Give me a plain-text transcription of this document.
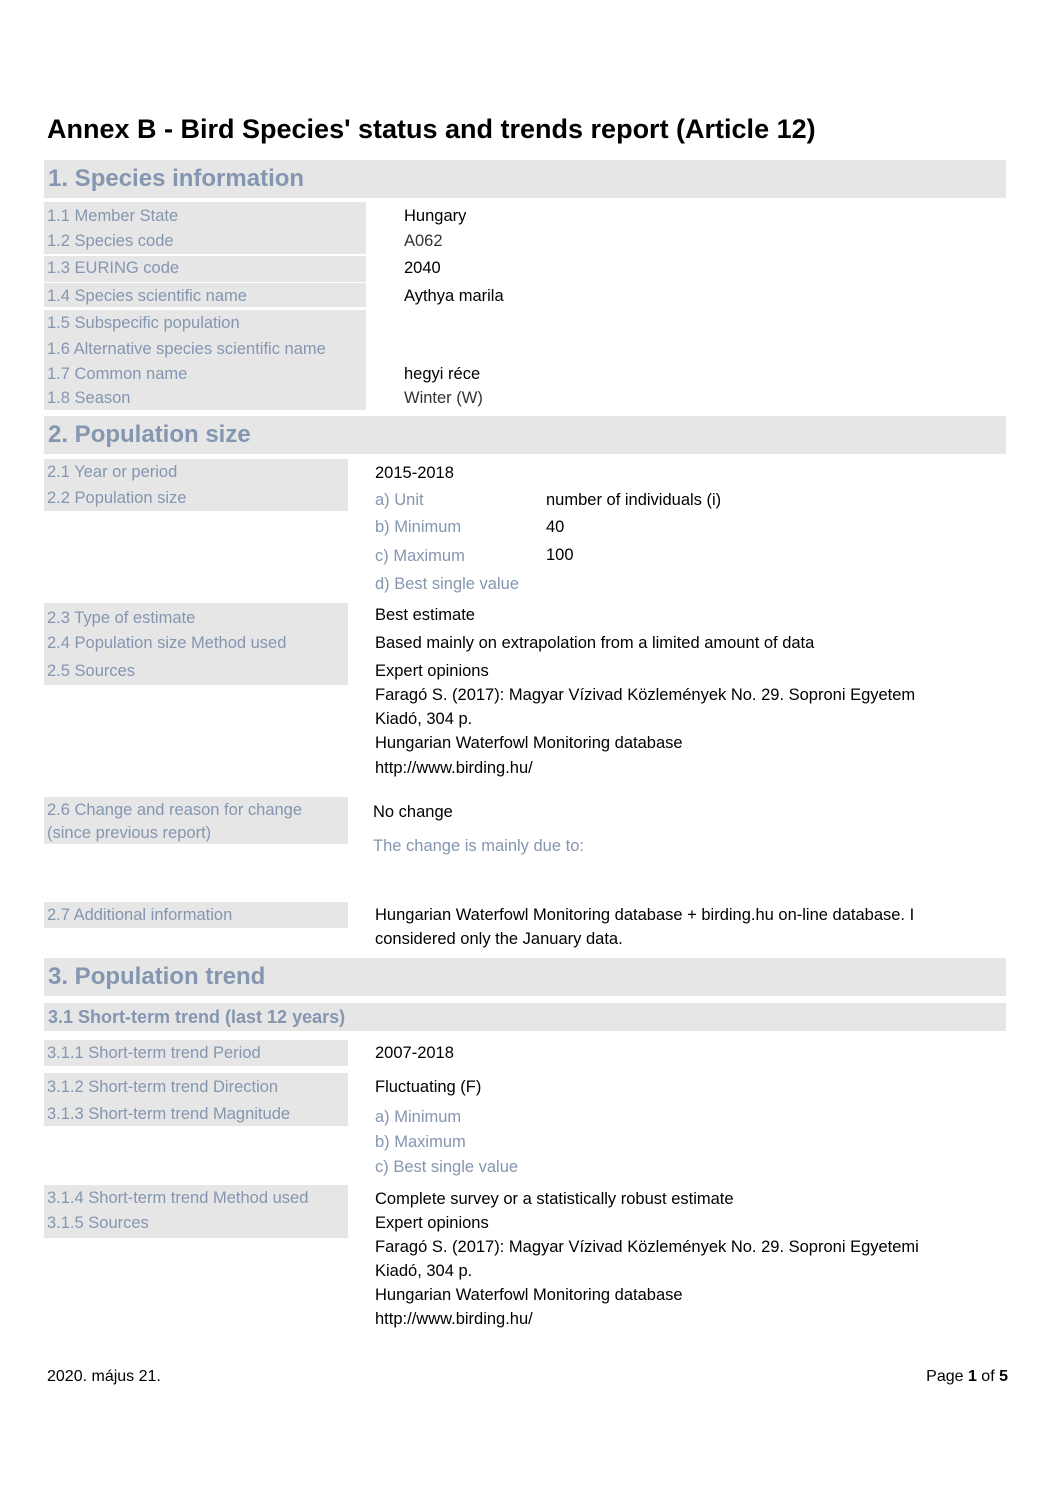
Annex B - Bird Species' status and trends report (Article 12)
1. Species information
1.1 Member State	Hungary
1.2 Species code	A062
1.3 EURING code	2040
1.4 Species scientific name	Aythya marila
1.5 Subspecific population
1.6 Alternative species scientific name
1.7 Common name	hegyi réce
1.8 Season	Winter (W)
2. Population size
2.1 Year or period	2015-2018
2.2 Population size	a) Unit	number of individuals (i)
b) Minimum	40
c) Maximum	100
d) Best single value
2.3 Type of estimate	Best estimate
2.4 Population size Method used	Based mainly on extrapolation from a limited amount of data
2.5 Sources	Expert opinions
Faragó S. (2017): Magyar Vízivad Közlemények No. 29. Soproni Egyetem
Kiadó, 304 p.
Hungarian Waterfowl Monitoring database
http://www.birding.hu/
2.6 Change and reason for change
(since previous report)
No change
The change is mainly due to:
2.7 Additional information	Hungarian Waterfowl Monitoring database + birding.hu on-line database. I
considered only the January data.
3. Population trend
3.1 Short-term trend (last 12 years)
3.1.1 Short-term trend Period	2007-2018
3.1.2 Short-term trend Direction	Fluctuating (F)
3.1.3 Short-term trend Magnitude	a) Minimum
b) Maximum
c) Best single value
3.1.4 Short-term trend Method used	Complete survey or a statistically robust estimate
3.1.5 Sources	Expert opinions
Faragó S. (2017): Magyar Vízivad Közlemények No. 29. Soproni Egyetemi
Kiadó, 304 p.
Hungarian Waterfowl Monitoring database
http://www.birding.hu/
2020. május 21.	Page 1 of 5
